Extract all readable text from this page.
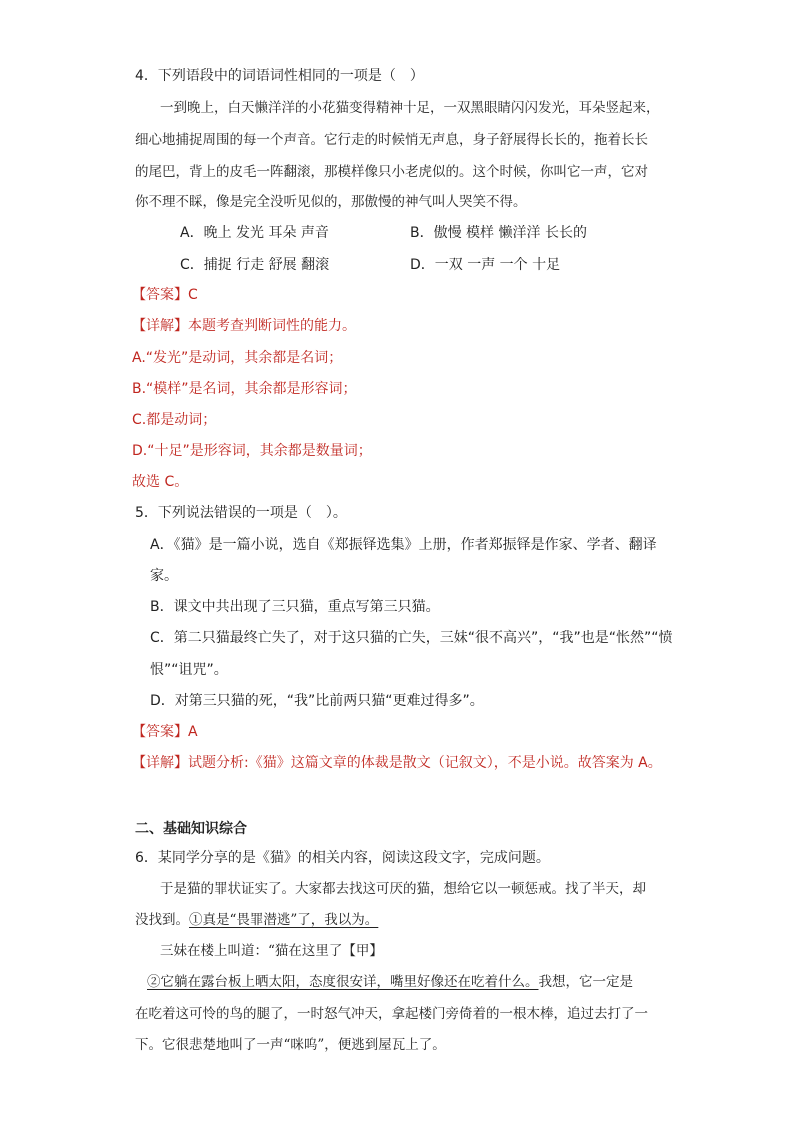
4．下列语段中的词语词性相同的一项是（　）
一到晚上，白天懒洋洋的小花猫变得精神十足，一双黑眼睛闪闪发光，耳朵竖起来，
细心地捕捉周围的每一个声音。它行走的时候悄无声息，身子舒展得长长的，拖着长长
的尾巴，背上的皮毛一阵翻滚，那模样像只小老虎似的。这个时候，你叫它一声，它对
你不理不睬，像是完全没听见似的，那傲慢的神气叫人哭笑不得。
A．晚上 发光 耳朵 声音	B．傲慢 模样 懒洋洋 长长的
C．捕捉 行走 舒展 翻滚	D．一双 一声 一个 十足
【答案】C
【详解】本题考查判断词性的能力。
A.“发光”是动词，其余都是名词；
B.“模样”是名词，其余都是形容词；
C.都是动词；
D.“十足”是形容词，其余都是数量词；
故选 C。
5．下列说法错误的一项是（　）。
A．《猫》是一篇小说，选自《郑振铎选集》上册，作者郑振铎是作家、学者、翻译
家。
B．课文中共出现了三只猫，重点写第三只猫。
C．第二只猫最终亡失了，对于这只猫的亡失，三妹“很不高兴”，“我”也是“怅然”“愤
恨”“诅咒”。
D．对第三只猫的死，“我”比前两只猫“更难过得多”。
【答案】A
【详解】试题分析:《猫》这篇文章的体裁是散文（记叙文），不是小说。故答案为 A。
二、基础知识综合
6．某同学分享的是《猫》的相关内容，阅读这段文字，完成问题。
于是猫的罪状证实了。大家都去找这可厌的猫，想给它以一顿惩戒。找了半天，却
没找到。①真是“畏罪潜逃”了，我以为。
三妹在楼上叫道：“猫在这里了【甲】
②它躺在露台板上晒太阳，态度很安详，嘴里好像还在吃着什么。我想，它一定是
在吃着这可怜的鸟的腿了，一时怒气冲天，拿起楼门旁倚着的一根木棒，追过去打了一
下。它很悲楚地叫了一声“咪呜”，便逃到屋瓦上了。
